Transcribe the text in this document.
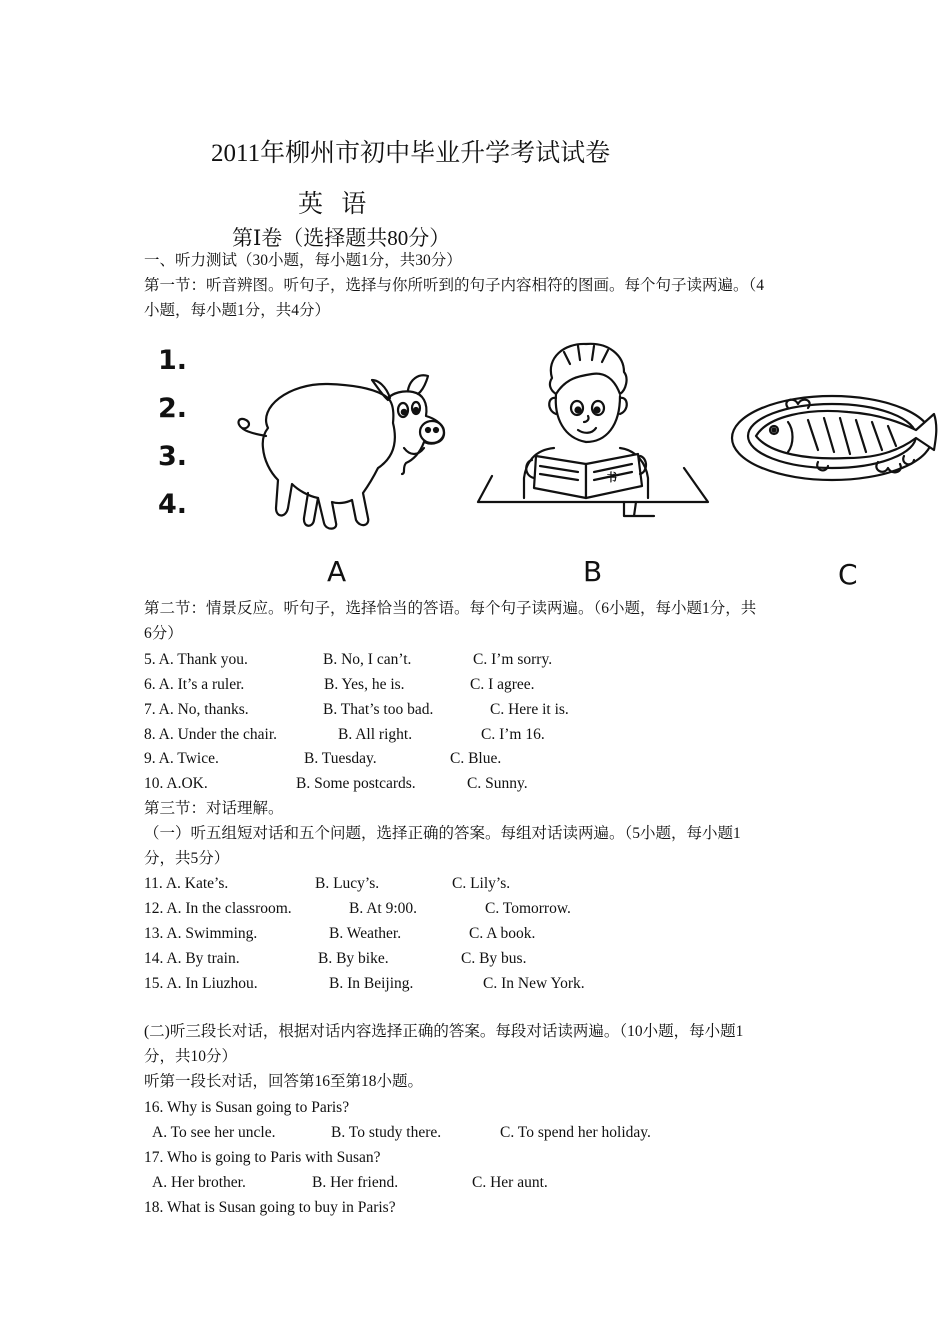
2011年柳州市初中毕业升学考试试卷
英 语
第Ⅰ卷（选择题共80分）
一、听力测试（30小题，每小题1分，共30分）
第一节：听音辨图。听句子，选择与你所听到的句子内容相符的图画。每个句子读两遍。（4
小题，每小题1分，共4分）
1.
2.
3.
4.
书
A	B	C
第二节：情景反应。听句子，选择恰当的答语。每个句子读两遍。（6小题，每小题1分，共
6分）
5. A. Thank you.	B. No, I can’t.	C. I’m sorry.
6. A. It’s a ruler.	B. Yes, he is.	C. I agree.
7. A. No, thanks.	B. That’s too bad.	C. Here it is.
8. A. Under the chair.	B. All right.	C. I’m 16.
9. A. Twice.	B. Tuesday.	C. Blue.
10. A.OK.	B. Some postcards.	C. Sunny.
第三节：对话理解。
（一）听五组短对话和五个问题，选择正确的答案。每组对话读两遍。（5小题，每小题1
分，共5分）
11. A. Kate’s.	B. Lucy’s.	C. Lily’s.
12. A. In the classroom.	B. At 9:00.	C. Tomorrow.
13. A. Swimming.	B. Weather.	C. A book.
14. A. By train.	B. By bike.	C. By bus.
15. A. In Liuzhou.	B. In Beijing.	C. In New York.
(二)听三段长对话，根据对话内容选择正确的答案。每段对话读两遍。（10小题，每小题1
分，共10分）
听第一段长对话，回答第16至第18小题。
16. Why is Susan going to Paris?
A. To see her uncle.	B. To study there.	C. To spend her holiday.
17. Who is going to Paris with Susan?
A. Her brother.	B. Her friend.	C. Her aunt.
18. What is Susan going to buy in Paris?
